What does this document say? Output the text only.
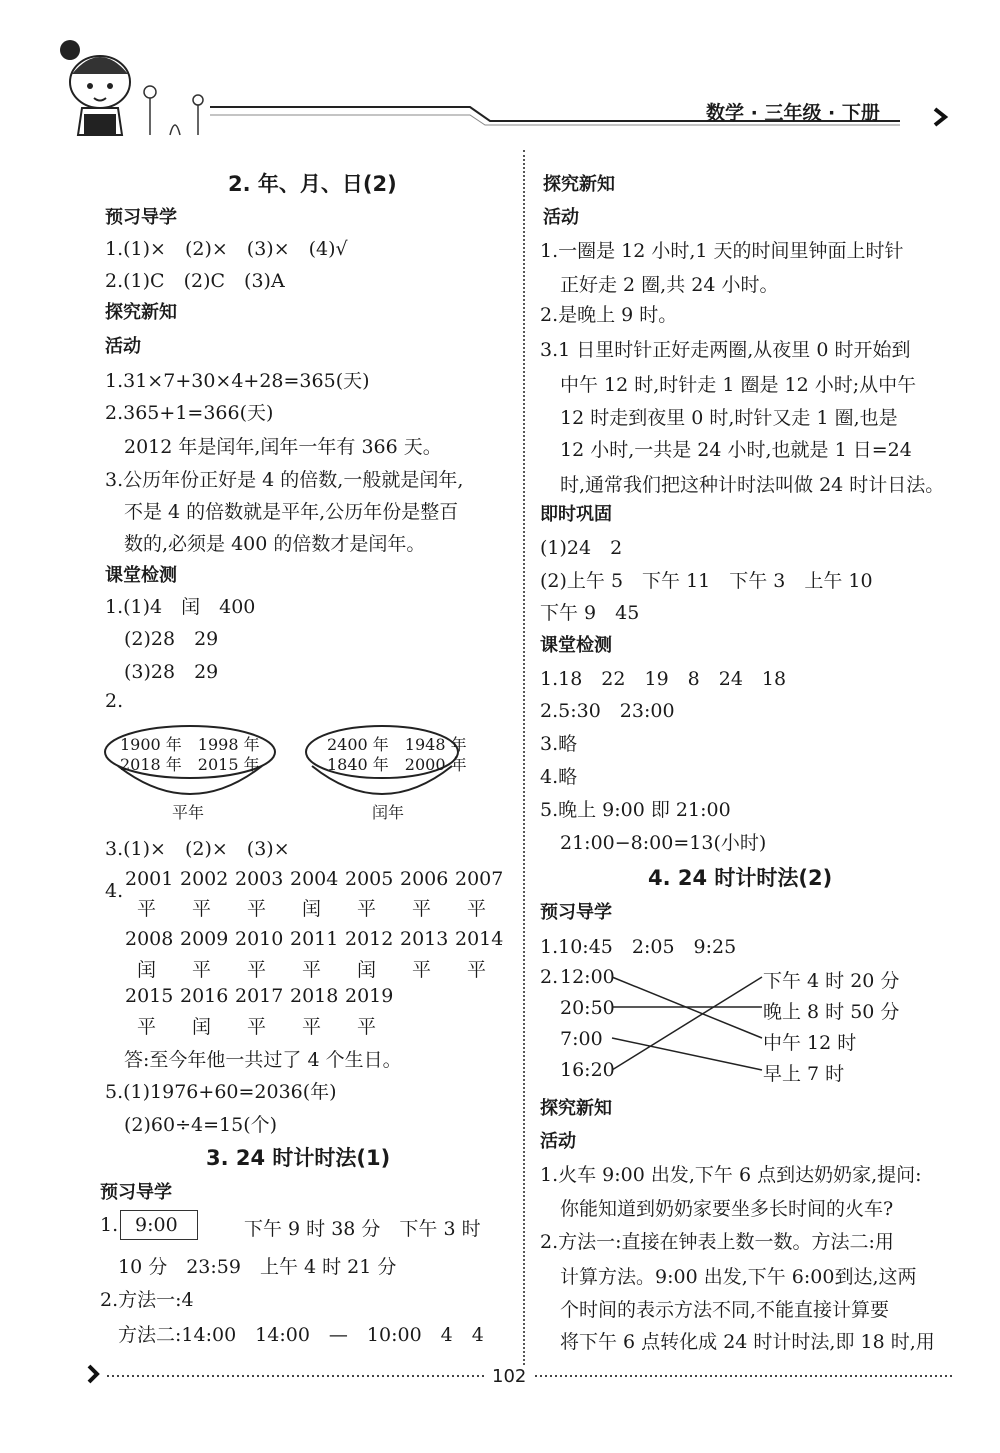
数学 · 三年级 · 下册
2. 年、月、日(2)
预习导学
1.(1)×　(2)×　(3)×　(4)√
2.(1)C　(2)C　(3)A
探究新知
活动
1.31×7+30×4+28=365(天)
2.365+1=366(天)
2012 年是闰年,闰年一年有 366 天。
3.公历年份正好是 4 的倍数,一般就是闰年,
不是 4 的倍数就是平年,公历年份是整百
数的,必须是 400 的倍数才是闰年。
课堂检测
1.(1)4　闰　400
(2)28　29
(3)28　29
2.
1900 年　1998 年
2018 年　2015 年
平年
2400 年　1948 年
1840 年　2000 年
闰年
3.(1)×　(2)×　(3)×
4.
2001 2002 2003 2004 2005 2006 2007
平 平 平 闰 平 平 平
2008 2009 2010 2011 2012 2013 2014
闰 平 平 平 闰 平 平
2015 2016 2017 2018 2019
平 闰 平 平 平
答:至今年他一共过了 4 个生日。
5.(1)1976+60=2036(年)
(2)60÷4=15(个)
3. 24 时计时法(1)
预习导学
1. 9:00	下午 9 时 38 分　下午 3 时
10 分　23:59　上午 4 时 21 分
2.方法一:4
方法二:14:00　14:00　—　10:00　4　4
探究新知
活动
1.一圈是 12 小时,1 天的时间里钟面上时针
正好走 2 圈,共 24 小时。
2.是晚上 9 时。
3.1 日里时针正好走两圈,从夜里 0 时开始到
中午 12 时,时针走 1 圈是 12 小时;从中午
12 时走到夜里 0 时,时针又走 1 圈,也是
12 小时,一共是 24 小时,也就是 1 日=24
时,通常我们把这种计时法叫做 24 时计日法。
即时巩固
(1)24　2
(2)上午 5　下午 11　下午 3　上午 10
下午 9　45
课堂检测
1.18　22　19　8　24　18
2.5:30　23:00
3.略
4.略
5.晚上 9:00 即 21:00
21:00−8:00=13(小时)
4. 24 时计时法(2)
预习导学
1.10:45　2:05　9:25
2. 12:00
20:50
7:00
16:20
下午 4 时 20 分
晚上 8 时 50 分
中午 12 时
早上 7 时
探究新知
活动
1.火车 9:00 出发,下午 6 点到达奶奶家,提问:
你能知道到奶奶家要坐多长时间的火车?
2.方法一:直接在钟表上数一数。方法二:用
计算方法。9:00 出发,下午 6:00到达,这两
个时间的表示方法不同,不能直接计算要
将下午 6 点转化成 24 时计时法,即 18 时,用
102
